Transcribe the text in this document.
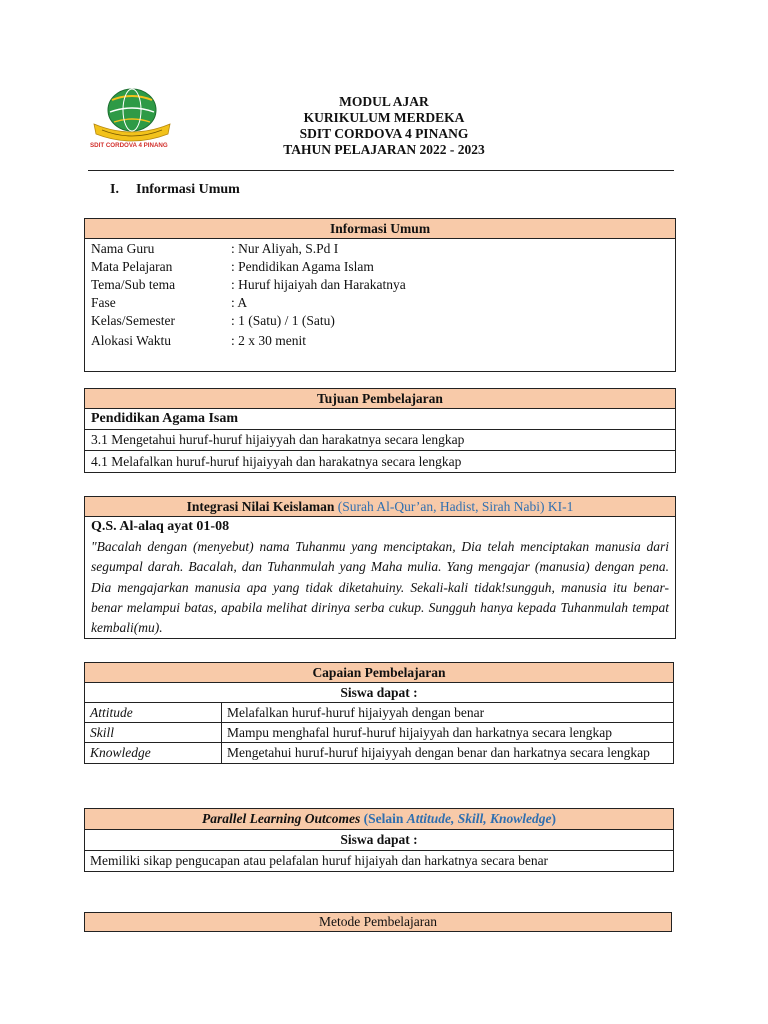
SDIT CORDOVA 4 PINANG
MODUL AJAR
KURIKULUM MERDEKA
SDIT CORDOVA 4 PINANG
TAHUN PELAJARAN 2022 - 2023
I. Informasi Umum
Informasi Umum
Nama Guru	: Nur Aliyah, S.Pd I
Mata Pelajaran	: Pendidikan Agama Islam
Tema/Sub tema	: Huruf hijaiyah dan Harakatnya
Fase	: A
Kelas/Semester	: 1 (Satu) / 1 (Satu)
Alokasi Waktu	: 2 x 30 menit
Tujuan Pembelajaran
Pendidikan Agama Isam
3.1 Mengetahui huruf-huruf hijaiyyah dan harakatnya secara lengkap
4.1 Melafalkan huruf-huruf hijaiyyah dan harakatnya secara lengkap
Integrasi Nilai Keislaman (Surah Al-Qur’an, Hadist, Sirah Nabi) KI-1
Q.S. Al-alaq ayat 01-08
"Bacalah dengan (menyebut) nama Tuhanmu yang menciptakan, Dia telah menciptakan manusia dari segumpal darah. Bacalah, dan Tuhanmulah yang Maha mulia. Yang mengajar (manusia) dengan pena. Dia mengajarkan manusia apa yang tidak diketahuiny. Sekali-kali tidak!sungguh, manusia itu benar-benar melampui batas, apabila melihat dirinya serba cukup. Sungguh hanya kepada Tuhanmulah tempat kembali(mu).
Capaian Pembelajaran	
Siswa dapat :	
Attitude	Melafalkan huruf-huruf hijaiyyah dengan benar
Skill	Mampu menghafal huruf-huruf hijaiyyah dan harkatnya secara lengkap
Knowledge	Mengetahui huruf-huruf hijaiyyah dengan benar dan harkatnya secara lengkap
Parallel Learning Outcomes (Selain Attitude, Skill, Knowledge)
Siswa dapat :
Memiliki sikap pengucapan atau pelafalan huruf hijaiyah dan harkatnya secara benar
Metode Pembelajaran
